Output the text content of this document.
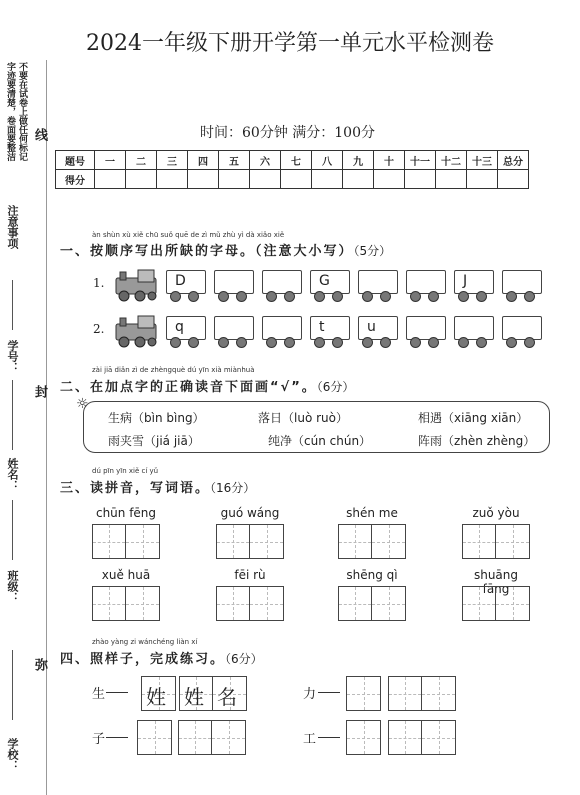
不要在试卷上做任何标记
字迹要清楚，卷面要整洁 线
注意事项
学号：
封
姓名：
班级：
弥
学校：
2024一年级下册开学第一单元水平检测卷
时间：60分钟 满分：100分
题号	一	二	三	四	五	六	七	八	九	十	十一	十二	十三	总分
得分														
àn shùn xù xiě chū suǒ quē de zì mǔ zhù yì dà xiǎo xiě
一、按顺序写出所缺的字母。（注意大小写）（5分）
1.
2.
D	G	J
q	t	u
zài jiā diǎn zì de zhèngquè dú yīn xià miànhuà
二、在加点字的正确读音下面画“√”。（6分）
☼
生病（bìn bìng）	落日（luò ruò）	相遇（xiāng xiān）
雨夹雪（jiá jiā）	纯净（cún chún）	阵雨（zhèn zhèng）
dú pīn yīn xiě cí yǔ
三、读拼音，写词语。（16分）
chūn fēng	guó wáng	shén me	zuǒ yòu
xuě huā	fēi rù	shēng qì	shuāng fāng
zhào yàng zi wánchéng liàn xí
四、照样子，完成练习。（6分）
生 姓 姓 名	力
子	工
